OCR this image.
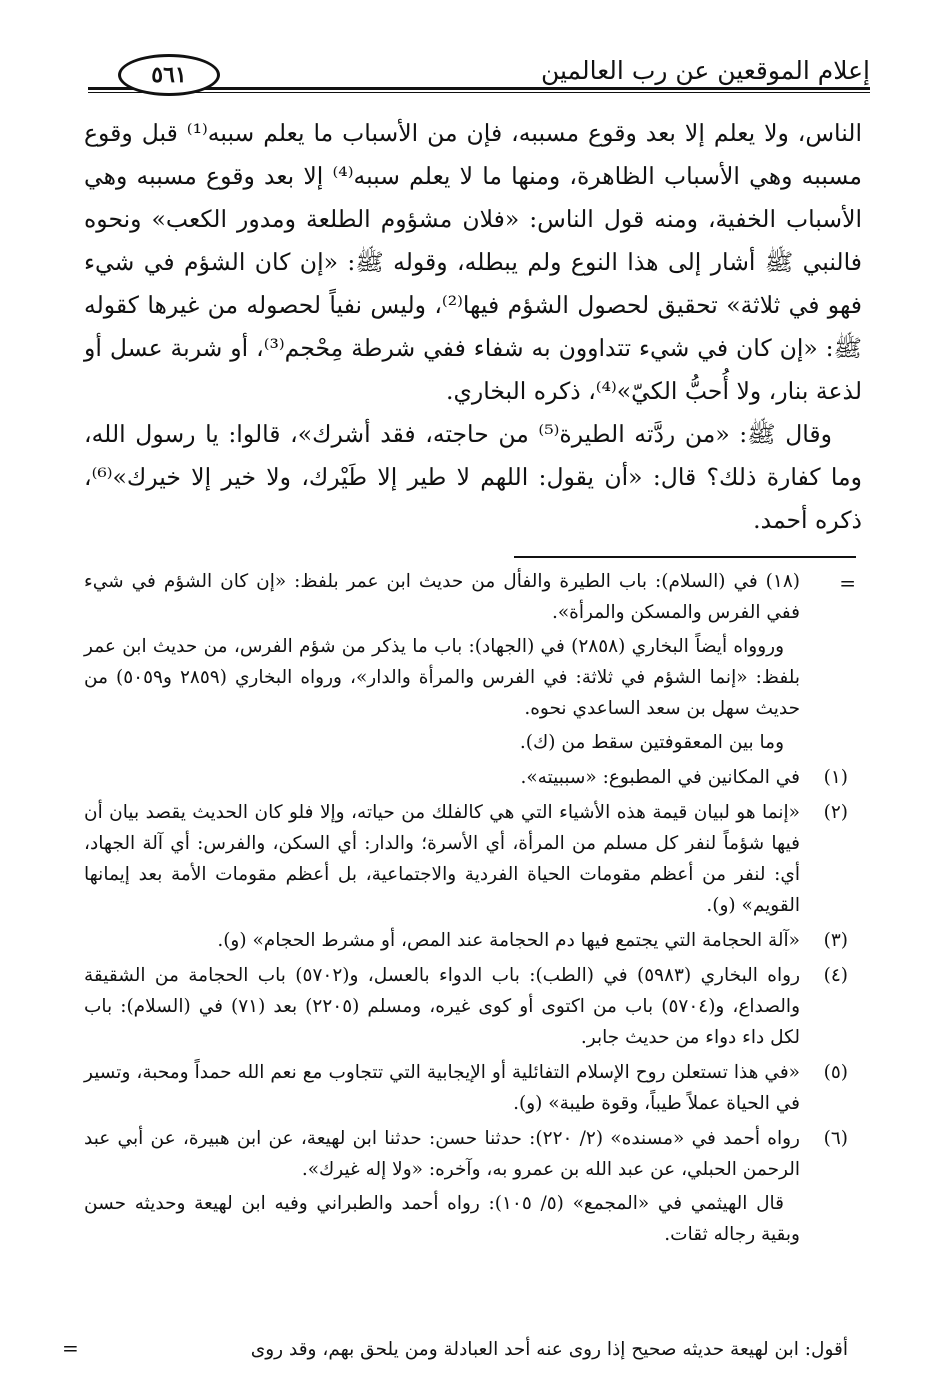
إعلام الموقعين عن رب العالمين
٥٦١

الناس، ولا يعلم إلا بعد وقوع مسببه، فإن من الأسباب ما يعلم سببه⁽¹⁾ قبل وقوع مسببه وهي الأسباب الظاهرة، ومنها ما لا يعلم سببه⁽⁴⁾ إلا بعد وقوع مسببه وهي الأسباب الخفية، ومنه قول الناس: «فلان مشؤوم الطلعة ومدور الكعب» ونحوه فالنبي ﷺ أشار إلى هذا النوع ولم يبطله، وقوله ﷺ: «إن كان الشؤم في شيء فهو في ثلاثة» تحقيق لحصول الشؤم فيها⁽²⁾، وليس نفياً لحصوله من غيرها كقوله ﷺ: «إن كان في شيء تتداوون به شفاء ففي شرطة مِحْجم⁽³⁾، أو شربة عسل أو لذعة بنار، ولا أُحبُّ الكيّ»⁽⁴⁾، ذكره البخاري.

وقال ﷺ: «من ردَّته الطيرة⁽⁵⁾ من حاجته، فقد أشرك»، قالوا: يا رسول الله، وما كفارة ذلك؟ قال: «أن يقول: اللهم لا طير إلا طَيْرك، ولا خير إلا خيرك»⁽⁶⁾، ذكره أحمد.

=
(١٨) في (السلام): باب الطيرة والفأل من حديث ابن عمر بلفظ: «إن كان الشؤم في شيء ففي الفرس والمسكن والمرأة».
وروواه أيضاً البخاري (٢٨٥٨) في (الجهاد): باب ما يذكر من شؤم الفرس، من حديث ابن عمر بلفظ: «إنما الشؤم في ثلاثة: في الفرس والمرأة والدار»، ورواه البخاري (٢٨٥٩ و٥٠٥٩) من حديث سهل بن سعد الساعدي نحوه.
وما بين المعقوفتين سقط من (ك).
(١)
في المكانين في المطبوع: «سببيته».
(٢)
«إنما هو لبيان قيمة هذه الأشياء التي هي كالفلك من حياته، وإلا فلو كان الحديث يقصد بيان أن فيها شؤماً لنفر كل مسلم من المرأة، أي الأسرة؛ والدار: أي السكن، والفرس: أي آلة الجهاد، أي: لنفر من أعظم مقومات الحياة الفردية والاجتماعية، بل أعظم مقومات الأمة بعد إيمانها القويم» (و).
(٣)
«آلة الحجامة التي يجتمع فيها دم الحجامة عند المص، أو مشرط الحجام» (و).
(٤)
رواه البخاري (٥٩٨٣) في (الطب): باب الدواء بالعسل، و(٥٧٠٢) باب الحجامة من الشقيقة والصداع، و(٥٧٠٤) باب من اكتوى أو كوى غيره، ومسلم (٢٢٠٥) بعد (٧١) في (السلام): باب لكل داء دواء من حديث جابر.
(٥)
«في هذا تستعلن روح الإسلام التفائلية أو الإيجابية التي تتجاوب مع نعم الله حمداً ومحبة، وتسير في الحياة عملاً طيباً، وقوة طيبة» (و).
(٦)
رواه أحمد في «مسنده» (٢/ ٢٢٠): حدثنا حسن: حدثنا ابن لهيعة، عن ابن هبيرة، عن أبي عبد الرحمن الحبلي، عن عبد الله بن عمرو به، وآخره: «ولا إله غيرك».
قال الهيثمي في «المجمع» (٥/ ١٠٥): رواه أحمد والطبراني وفيه ابن لهيعة وحديثه حسن وبقية رجاله ثقات.
أقول: ابن لهيعة حديثه صحيح إذا روى عنه أحد العبادلة ومن يلحق بهم، وقد روى
=
